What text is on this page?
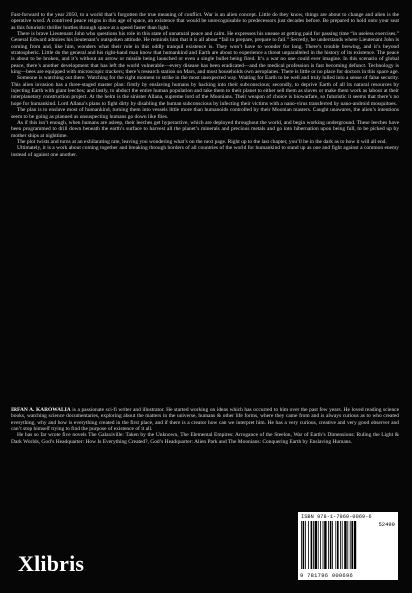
Fast-forward to the year 2050, to a world that’s forgotten the true meaning of conflict. War is an alien concept. Little do they know, things are about to change and alien is the operative word. A contrived peace reigns in this age of space, an existence that would be unrecognisable to predecessors just decades before. Be prepared to hold onto your seat as this futuristic thriller hurtles through space at a speed faster than light.

There is brave Lieutenant John who questions his role in this state of unnatural peace and calm. He expresses his unease at getting paid for passing time “in useless exercises.” General Edward admires his lieutenant’s outspoken attitude. He reminds him that it is all about “fail to prepare, prepare to fail.” Secretly, he understands where Lieutenant John is coming from and, like him, wonders what their role in this oddly tranquil existence is. They won’t have to wonder for long. There’s trouble brewing, and it’s beyond stratospheric. Little do the general and his right-hand man know that humankind and Earth are about to experience a threat unparalleled in the history of its existence. The peace is about to be broken, and it’s without an arrow or missile being launched or even a single bullet being fired. It’s a war no one could ever imagine. In this scenario of global peace, there’s another development that has left the world vulnerable—every disease has been eradicated—and the medical profession is fast becoming defunct. Technology is king—bees are equipped with microscopic trackers; there’s research station on Mars, and most households own aeroplanes. There is little or no place for doctors in this space age.

Someone is watching out there. Watching for the right moment to strike in the most unexpected way. Waiting for Earth to be well and truly lulled into a sense of false security. This alien invasion has a three-staged master plan: firstly by enslaving humans by hacking into their subconscious; secondly, to deprive Earth of all its natural resources by injecting Earth with giant leeches; and lastly, to abduct the entire human population and take them to their planet to either sell them as slaves or make them work as labour at their interplanetary construction project. At the helm is the sinister Allana, supreme lord of the Moonians. Their weapon of choice is biowarfare, so futuristic it seems that there’s no hope for humankind. Lord Allana’s plans to fight dirty by disabling the human subconscious by infecting their victims with a nano-virus transferred by nano-android mosquitoes.

The plan is to enslave most of humankind, turning them into vessels little more than humanoids controlled by their Moonian masters. Caught unawares, the alien’s intentions seem to be going as planned as unsuspecting humans go down like flies.

As if this isn’t enough, when humans are asleep, their leeches get hyperactive, which are deployed throughout the world, and begin working underground. These leeches have been programmed to drill down beneath the earth’s surface to harvest all the planet’s minerals and precious metals and go into hibernation upon being full, to be picked up by mother ships at nighttime.

The plot twists and turns at an exhilarating rate, leaving you wondering what’s on the next page. Right up to the last chapter, you’ll be in the dark as to how it will all end.

Ultimately, it is a work about coming together and breaking through borders of all countries of the world for humankind to stand up as one and fight against a common enemy instead of against one another.

IRFAN A. KAROWALIA is a passionate sci-fi writer and illustrator. He started working on ideas which has occurred to him over the past few years. He loved reading science books, watching science documentaries, exploring about the matters in the universe, humans & other life forms, where they came from and is always curious as to who created everything, why and how is everything created in the first place, and if there is a creator how can we interpret him. He has a very curious, creative and very good observer and can’t stop himself trying to find the purpose of existence of it all.

He has so far wrote five novels The Galaxiville: Taken by the Unknown, The Elemental Empires: Arrogance of the Steelon, War of Earth’s Dimensions: Ruling the Light & Dark Worlds, God’s Headquarter: How Is Everything Created?, God’s Headquarter: Alien Park and The Moonians: Conquering Earth by Enslaving Humans.

Xlibris
ISBN 978-1-7960-0069-6
52499
9 781796 000696
